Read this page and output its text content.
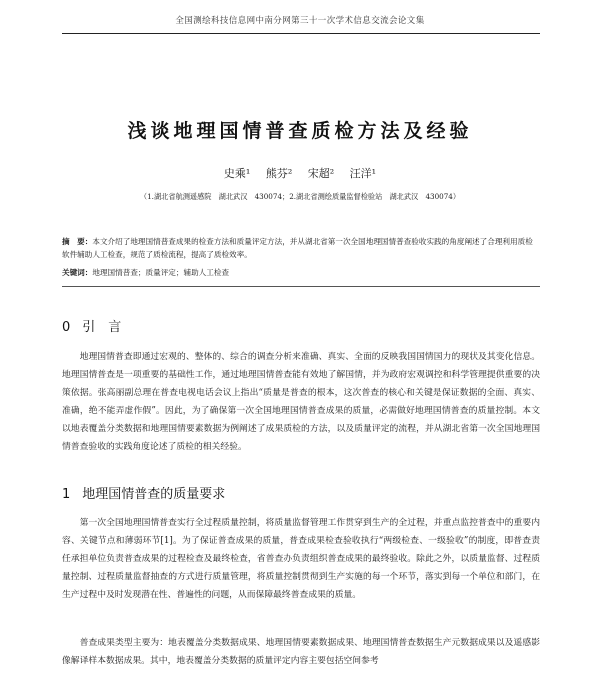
全国测绘科技信息网中南分网第三十一次学术信息交流会论文集
浅谈地理国情普查质检方法及经验
史乘¹ 熊芬² 宋超² 汪洋¹
（1.湖北省航测遥感院　湖北武汉　430074；2.湖北省测绘质量监督检验站　湖北武汉　430074）
摘　要：本文介绍了地理国情普查成果的检查方法和质量评定方法，并从湖北省第一次全国地理国情普查验收实践的角度阐述了合理利用质检软件辅助人工检查，规范了质检流程，提高了质检效率。
关键词：地理国情普查；质量评定；辅助人工检查
0 引　言
地理国情普查即通过宏观的、整体的、综合的调查分析来准确、真实、全面的反映我国国情国力的现状及其变化信息。地理国情普查是一项重要的基础性工作，通过地理国情普查能有效地了解国情，并为政府宏观调控和科学管理提供重要的决策依据。张高丽副总理在普查电视电话会议上指出“质量是普查的根本，这次普查的核心和关键是保证数据的全面、真实、准确，绝不能弄虚作假”。因此，为了确保第一次全国地理国情普查成果的质量，必需做好地理国情普查的质量控制。本文以地表覆盖分类数据和地理国情要素数据为例阐述了成果质检的方法，以及质量评定的流程，并从湖北省第一次全国地理国情普查验收的实践角度论述了质检的相关经验。
1 地理国情普查的质量要求
第一次全国地理国情普查实行全过程质量控制，将质量监督管理工作贯穿到生产的全过程，并重点监控普查中的重要内容、关键节点和薄弱环节[1]。为了保证普查成果的质量，普查成果检查验收执行“两级检查、一级验收”的制度，即普查责任承担单位负责普查成果的过程检查及最终检查，省普查办负责组织普查成果的最终验收。除此之外，以质量监督、过程质量控制、过程质量监督抽查的方式进行质量管理，将质量控制贯彻到生产实施的每一个环节，落实到每一个单位和部门，在生产过程中及时发现潜在性、普遍性的问题，从而保障最终普查成果的质量。
普查成果类型主要为：地表覆盖分类数据成果、地理国情要素数据成果、地理国情普查数据生产元数据成果以及遥感影像解译样本数据成果。其中，地表覆盖分类数据的质量评定内容主要包括空间参考
